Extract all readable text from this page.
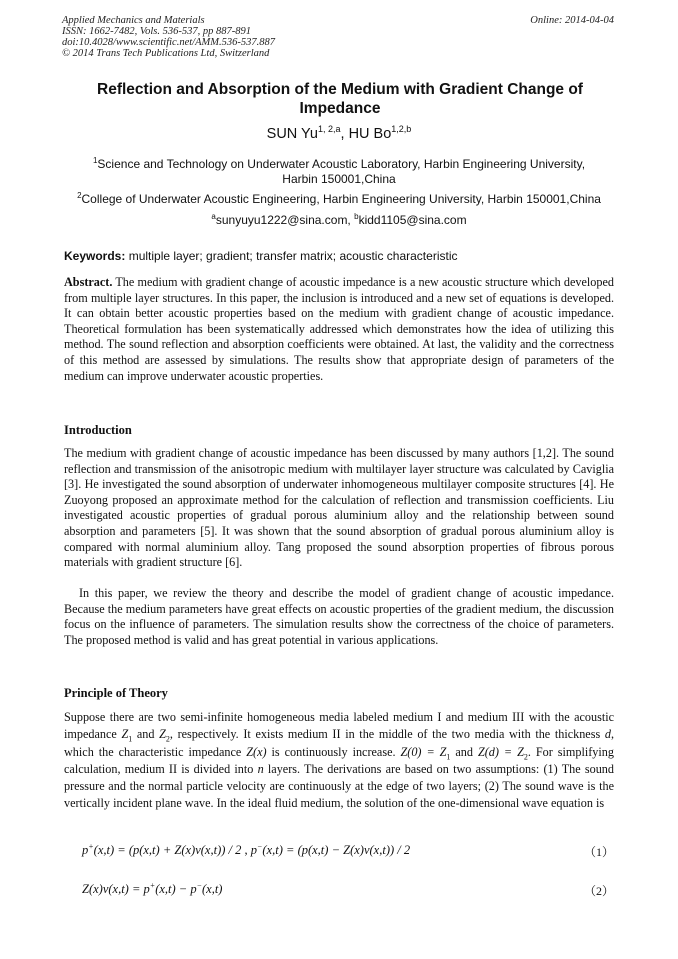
Applied Mechanics and Materials
ISSN: 1662-7482, Vols. 536-537, pp 887-891
doi:10.4028/www.scientific.net/AMM.536-537.887
© 2014 Trans Tech Publications Ltd, Switzerland
Online: 2014-04-04
Reflection and Absorption of the Medium with Gradient Change of Impedance
SUN Yu$^{1, 2,a}$, HU Bo$^{1,2,b}$
$^1$Science and Technology on Underwater Acoustic Laboratory, Harbin Engineering University,
Harbin 150001,China
$^2$College of Underwater Acoustic Engineering, Harbin Engineering University, Harbin 150001,China
$^a$sunyuyu1222@sina.com, $^b$kidd1105@sina.com
Keywords: multiple layer; gradient; transfer matrix; acoustic characteristic
Abstract. The medium with gradient change of acoustic impedance is a new acoustic structure which developed from multiple layer structures. In this paper, the inclusion is introduced and a new set of equations is developed. It can obtain better acoustic properties based on the medium with gradient change of acoustic impedance. Theoretical formulation has been systematically addressed which demonstrates how the idea of utilizing this method. The sound reflection and absorption coefficients were obtained. At last, the validity and the correctness of this method are assessed by simulations. The results show that appropriate design of parameters of the medium can improve underwater acoustic properties.
Introduction
The medium with gradient change of acoustic impedance has been discussed by many authors [1,2]. The sound reflection and transmission of the anisotropic medium with multilayer layer structure was calculated by Caviglia [3]. He investigated the sound absorption of underwater inhomogeneous multilayer composite structures [4]. He Zuoyong proposed an approximate method for the calculation of reflection and transmission coefficients. Liu investigated acoustic properties of gradual porous aluminium alloy and the relationship between sound absorption and parameters [5]. It was shown that the sound absorption of gradual porous aluminium alloy is compared with normal aluminium alloy. Tang proposed the sound absorption properties of fibrous porous materials with gradient structure [6].
In this paper, we review the theory and describe the model of gradient change of acoustic impedance. Because the medium parameters have great effects on acoustic properties of the gradient medium, the discussion focus on the influence of parameters. The simulation results show the correctness of the choice of parameters. The proposed method is valid and has great potential in various applications.
Principle of Theory
Suppose there are two semi-infinite homogeneous media labeled medium I and medium III with the acoustic impedance $Z_1$ and $Z_2$, respectively. It exists medium II in the middle of the two media with the thickness d, which the characteristic impedance Z(x) is continuously increase. $Z(0) = Z_1$ and $Z(d) = Z_2$. For simplifying calculation, medium II is divided into n layers. The derivations are based on two assumptions: (1) The sound pressure and the normal particle velocity are continuously at the edge of two layers; (2) The sound wave is the vertically incident plane wave. In the ideal fluid medium, the solution of the one-dimensional wave equation is
p+(x,t) = (p(x,t) + Z(x)v(x,t)) / 2 , p−(x,t) = (p(x,t) − Z(x)v(x,t)) / 2	（1）
Z(x)v(x,t) = p+(x,t) − p−(x,t)	（2）
